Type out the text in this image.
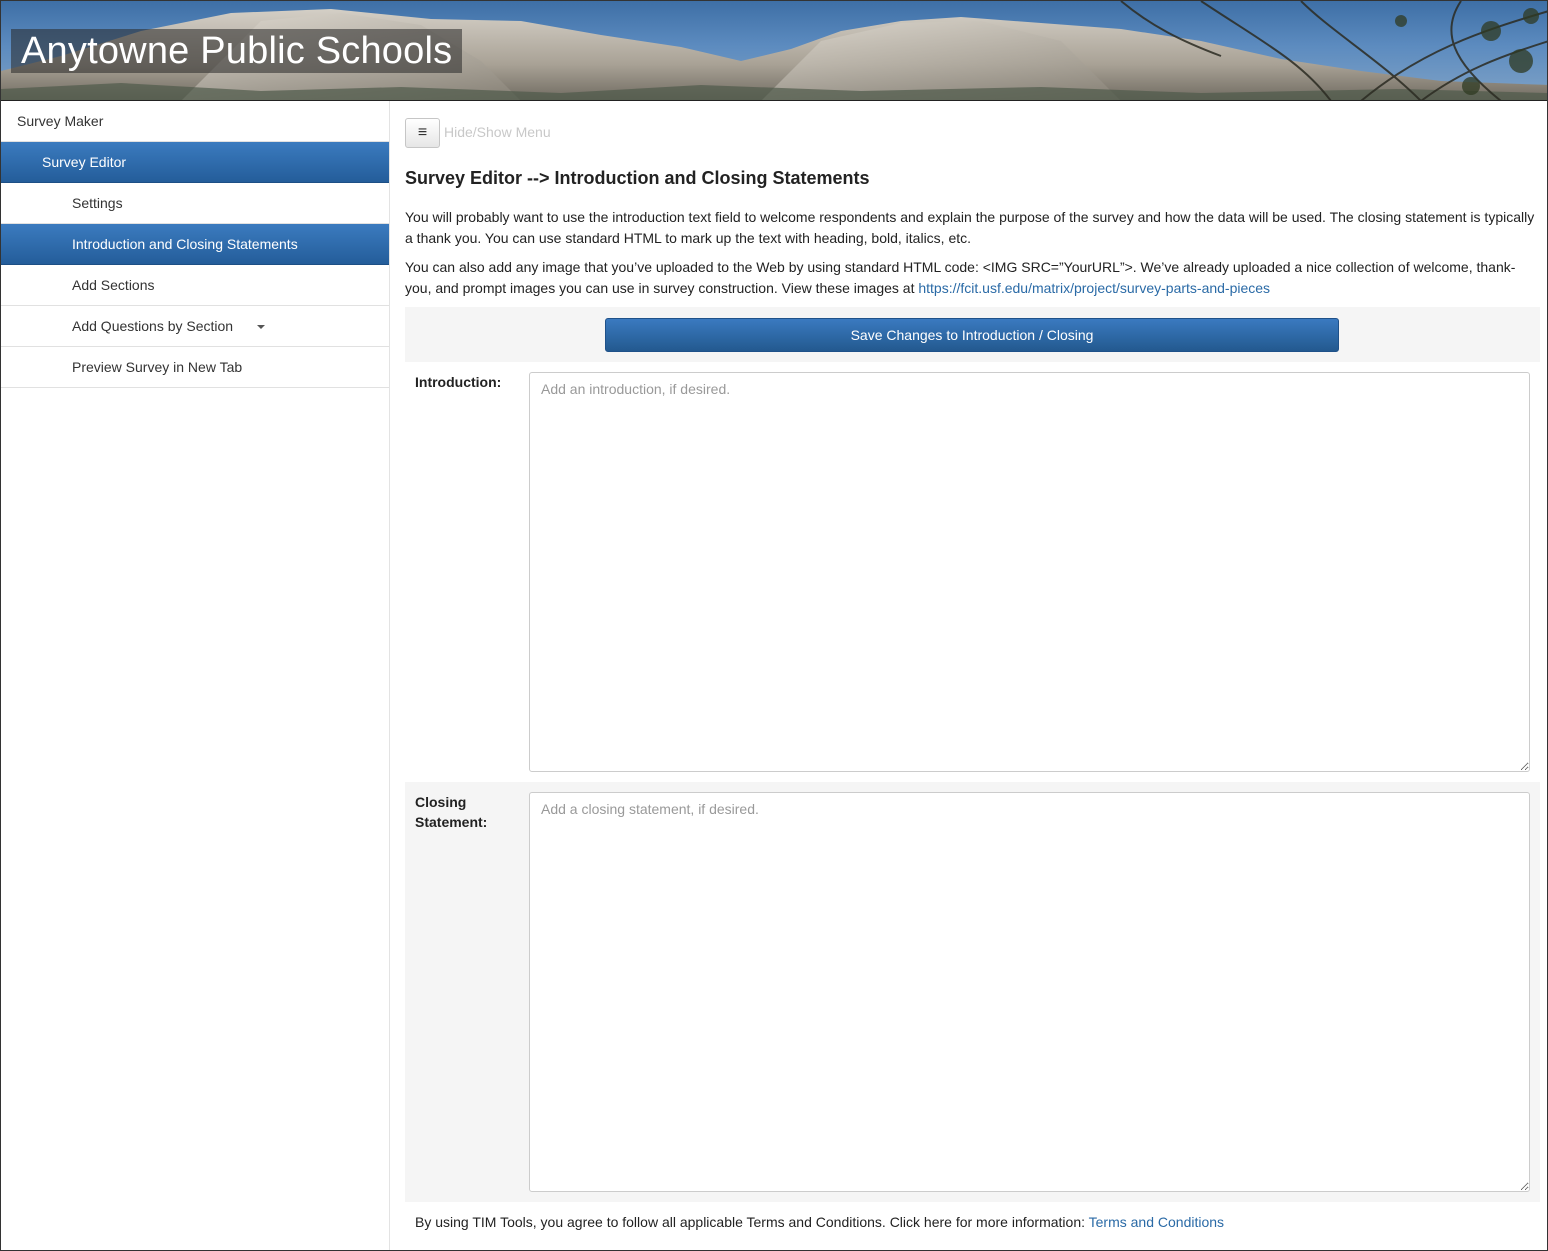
Anytowne Public Schools
Survey Maker
Survey Editor
Settings
Introduction and Closing Statements
Add Sections
Add Questions by Section
Preview Survey in New Tab
≡	Hide/Show Menu
Survey Editor --> Introduction and Closing Statements

You will probably want to use the introduction text field to welcome respondents and explain the purpose of the survey and how the data will be used. The closing statement is typically a thank you. You can use standard HTML to mark up the text with heading, bold, italics, etc.

You can also add any image that you’ve uploaded to the Web by using standard HTML code: <IMG SRC=”YourURL”>. We’ve already uploaded a nice collection of welcome, thank-you, and prompt images you can use in survey construction. View these images at https://fcit.usf.edu/matrix/project/survey-parts-and-pieces

Save Changes to Introduction / Closing
Introduction:
Add an introduction, if desired.
Closing Statement:
Add a closing statement, if desired.
By using TIM Tools, you agree to follow all applicable Terms and Conditions. Click here for more information: Terms and Conditions
